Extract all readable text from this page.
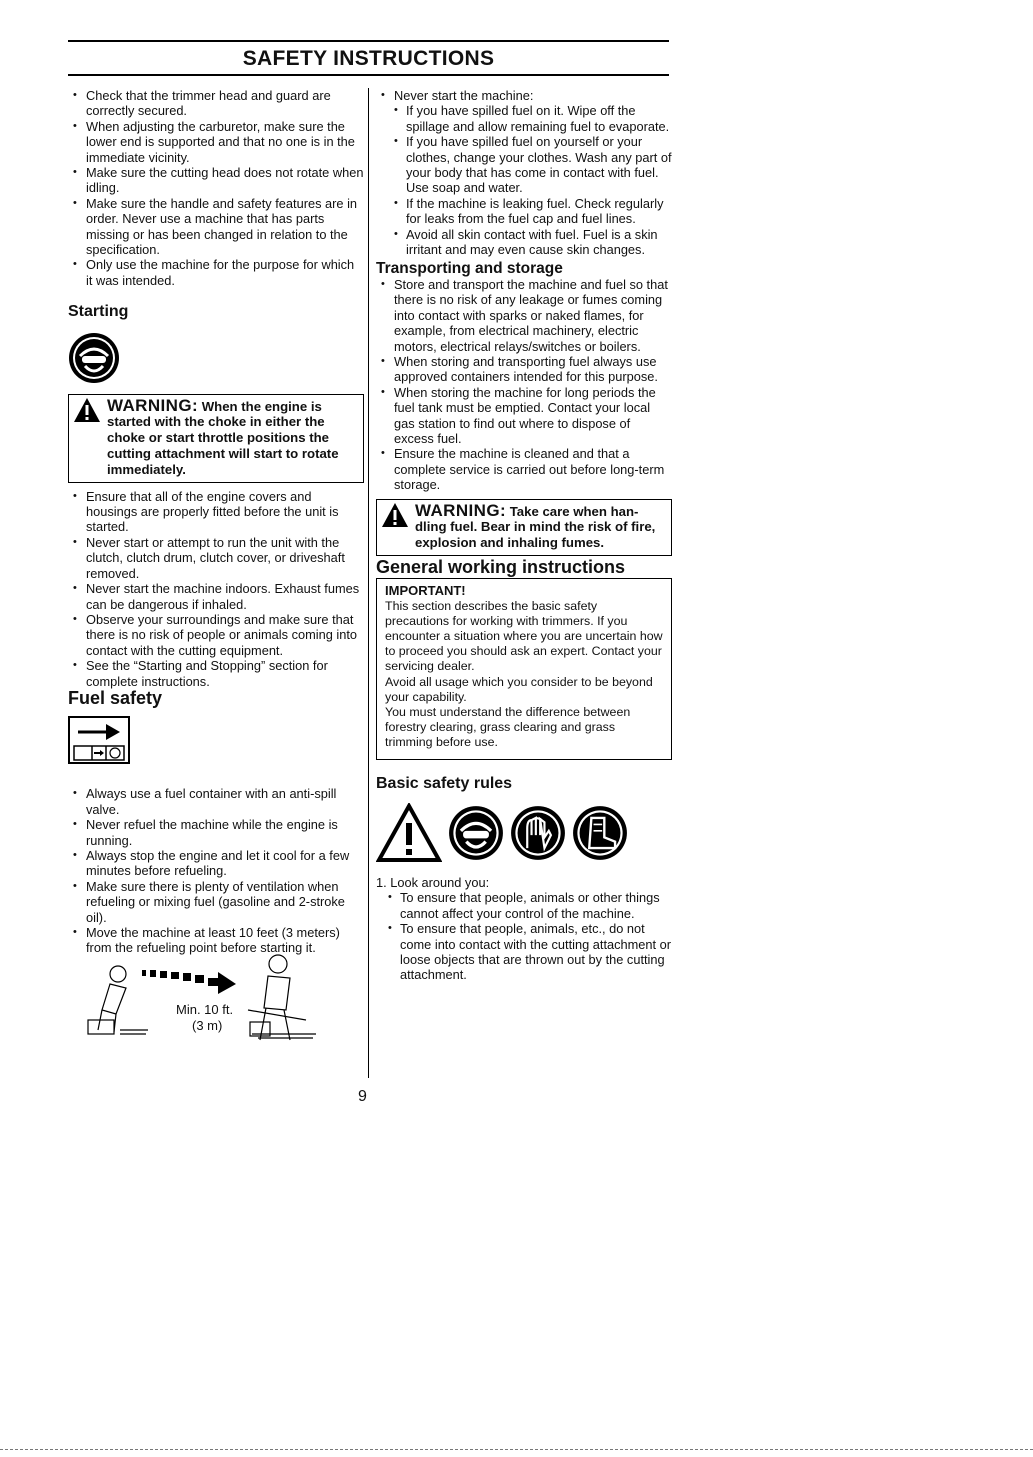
SAFETY INSTRUCTIONS
• Check that the trimmer head and guard are correctly secured.
• When adjusting the carburetor, make sure the lower end is supported and that no one is in the immediate vicinity.
• Make sure the cutting head does not rotate when idling.
• Make sure the handle and safety features are in order. Never use a machine that has parts missing or has been changed in relation to the specification.
• Only use the machine for the purpose for which it was intended.
Starting
WARNING: When the engine is
started with the choke in either the choke or start throttle positions the cutting attachment will start to rotate immediately.
• Ensure that all of the engine covers and housings are properly fitted before the unit is started.
• Never start or attempt to run the unit with the clutch, clutch drum, clutch cover, or driveshaft removed.
• Never start the machine indoors. Exhaust fumes can be dangerous if inhaled.
• Observe your surroundings and make sure that there is no risk of people or animals coming into contact with the cutting equipment.
• See the “Starting and Stopping” section for complete instructions.
Fuel safety
• Always use a fuel container with an anti-spill valve.
• Never refuel the machine while the engine is running.
• Always stop the engine and let it cool for a few minutes before refueling.
• Make sure there is plenty of ventilation when refueling or mixing fuel (gasoline and 2-stroke oil).
• Move the machine at least 10 feet (3 meters) from the refueling point before starting it.
Min. 10 ft.
(3 m)
• Never start the machine:
• If you have spilled fuel on it. Wipe off the spillage and allow remaining fuel to evaporate.
• If you have spilled fuel on yourself or your clothes, change your clothes. Wash any part of your body that has come in contact with fuel. Use soap and water.
• If the machine is leaking fuel. Check regularly for leaks from the fuel cap and fuel lines.
• Avoid all skin contact with fuel. Fuel is a skin irritant and may even cause skin changes.
Transporting and storage
• Store and transport the machine and fuel so that there is no risk of any leakage or fumes coming into contact with sparks or naked flames, for example, from electrical machinery, electric motors, electrical relays/switches or boilers.
• When storing and transporting fuel always use approved containers intended for this purpose.
• When storing the machine for long periods the fuel tank must be emptied. Contact your local gas station to find out where to dispose of excess fuel.
• Ensure the machine is cleaned and that a complete service is carried out before long-term storage.
WARNING: Take care when han-
dling fuel. Bear in mind the risk of fire, explosion and inhaling fumes.
General working instructions
IMPORTANT!
This section describes the basic safety precautions for working with trimmers. If you encounter a situation where you are uncertain how to proceed you should ask an expert. Contact your servicing dealer.
Avoid all usage which you consider to be beyond your capability.
You must understand the difference between forestry clearing, grass clearing and grass trimming before use.
Basic safety rules
1. Look around you:
• To ensure that people, animals or other things cannot affect your control of the machine.
• To ensure that people, animals, etc., do not come into contact with the cutting attachment or loose objects that are thrown out by the cutting attachment.
9
